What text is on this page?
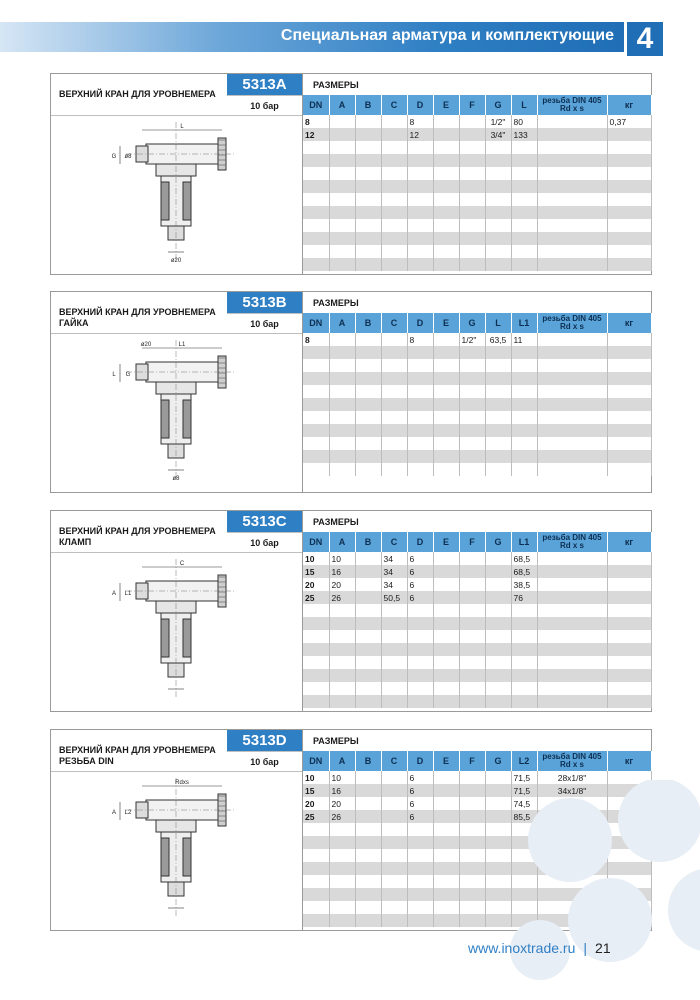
Специальная арматура и комплектующие 4
ВЕРХНИЙ КРАН ДЛЯ УРОВНЕМЕРА
5313A
10 бар
L
G ø8
ø20
РАЗМЕРЫ
DN	A	B	C	D	E	F	G	L	резьба DIN 405 Rd x s	кг
8				8			1/2"	80		0,37
12				12			3/4"	133		

ВЕРХНИЙ КРАН ДЛЯ УРОВНЕМЕРА ГАЙКА
5313B
10 бар
L1
L G
ø8
ø20
РАЗМЕРЫ
DN	A	B	C	D	E	G	L	L1	резьба DIN 405 Rd x s	кг
8				8		1/2"	63,5	11		

ВЕРХНИЙ КРАН ДЛЯ УРОВНЕМЕРА КЛАМП
5313C
10 бар
C
A L1
РАЗМЕРЫ
DN	A	B	C	D	E	F	G	L1	резьба DIN 405 Rd x s	кг
10	10		34	6				68,5		
15	16		34	6				68,5		
20	20		34	6				38,5		
25	26		50,5	6				76		

ВЕРХНИЙ КРАН ДЛЯ УРОВНЕМЕРА РЕЗЬБА DIN
5313D
10 бар
Rdxs
A L2
РАЗМЕРЫ
DN	A	B	C	D	E	F	G	L2	резьба DIN 405 Rd x s	кг
10	10			6				71,5	28x1/8"	
15	16			6				71,5	34x1/8"	
20	20			6				74,5		
25	26			6				85,5		

www.inoxtrade.ru | 21
